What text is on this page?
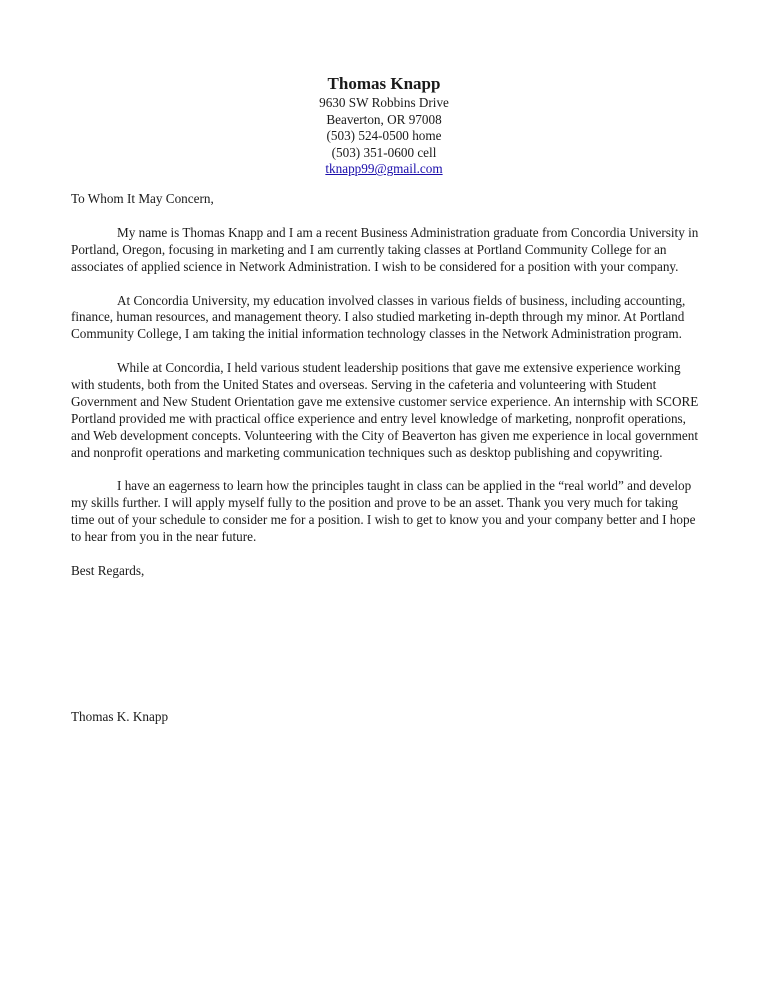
Thomas Knapp
9630 SW Robbins Drive
Beaverton, OR 97008
(503) 524-0500 home
(503) 351-0600 cell
tknapp99@gmail.com

To Whom It May Concern,

My name is Thomas Knapp and I am a recent Business Administration graduate from Concordia University in Portland, Oregon, focusing in marketing and I am currently taking classes at Portland Community College for an associates of applied science in Network Administration. I wish to be considered for a position with your company.

At Concordia University, my education involved classes in various fields of business, including accounting, finance, human resources, and management theory. I also studied marketing in-depth through my minor. At Portland Community College, I am taking the initial information technology classes in the Network Administration program.

While at Concordia, I held various student leadership positions that gave me extensive experience working with students, both from the United States and overseas. Serving in the cafeteria and volunteering with Student Government and New Student Orientation gave me extensive customer service experience. An internship with SCORE Portland provided me with practical office experience and entry level knowledge of marketing, nonprofit operations, and Web development concepts. Volunteering with the City of Beaverton has given me experience in local government and nonprofit operations and marketing communication techniques such as desktop publishing and copywriting.

I have an eagerness to learn how the principles taught in class can be applied in the “real world” and develop my skills further. I will apply myself fully to the position and prove to be an asset. Thank you very much for taking time out of your schedule to consider me for a position. I wish to get to know you and your company better and I hope to hear from you in the near future.

Best Regards,

Thomas K. Knapp
